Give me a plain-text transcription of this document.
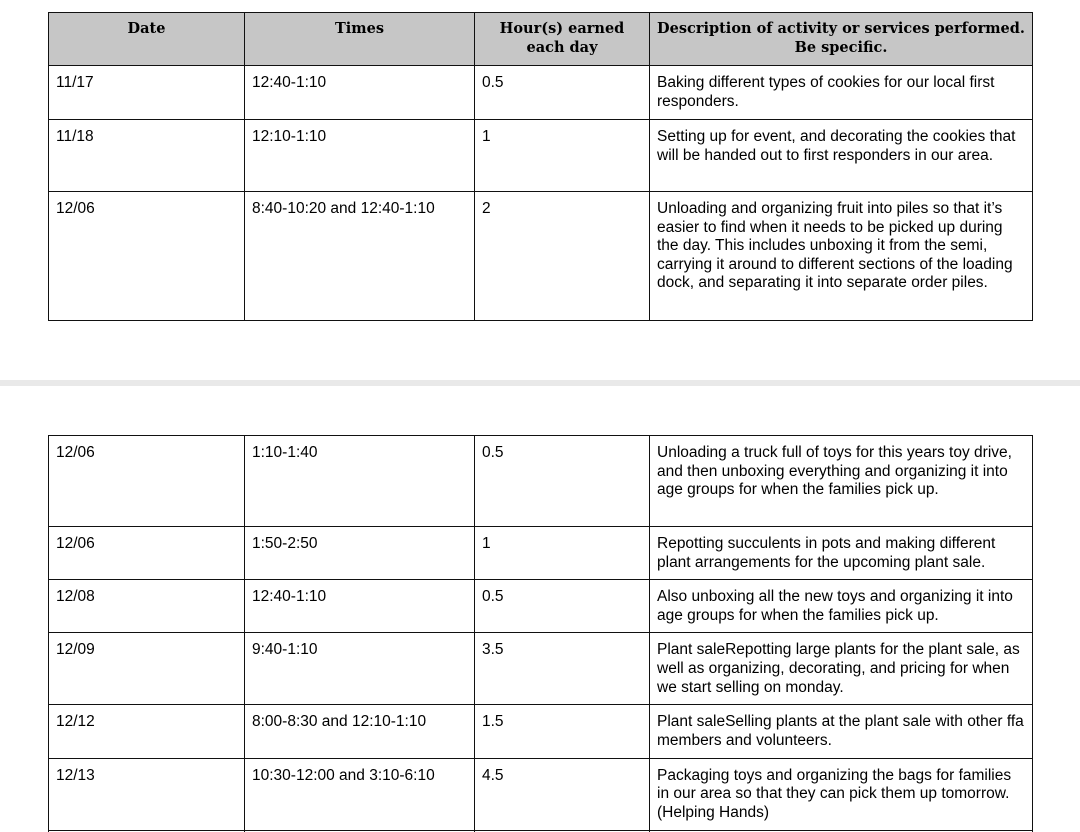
Date	Times	Hour(s) earned each day	Description of activity or services performed. Be specific.
11/17	12:40-1:10	0.5	Baking different types of cookies for our local first responders.
11/18	12:10-1:10	1	Setting up for event, and decorating the cookies that will be handed out to first responders in our area.
12/06	8:40-10:20 and 12:40-1:10	2	Unloading and organizing fruit into piles so that it’s easier to find when it needs to be picked up during the day. This includes unboxing it from the semi, carrying it around to different sections of the loading dock, and separating it into separate order piles.
12/06	1:10-1:40	0.5	Unloading a truck full of toys for this years toy drive, and then unboxing everything and organizing it into age groups for when the families pick up.
12/06	1:50-2:50	1	Repotting succulents in pots and making different plant arrangements for the upcoming plant sale.
12/08	12:40-1:10	0.5	Also unboxing all the new toys and organizing it into age groups for when the families pick up.
12/09	9:40-1:10	3.5	Plant saleRepotting large plants for the plant sale, as well as organizing, decorating, and pricing for when we start selling on monday.
12/12	8:00-8:30 and 12:10-1:10	1.5	Plant saleSelling plants at the plant sale with other ffa members and volunteers.
12/13	10:30-12:00 and 3:10-6:10	4.5	Packaging toys and organizing the bags for families in our area so that they can pick them up tomorrow. (Helping Hands)
